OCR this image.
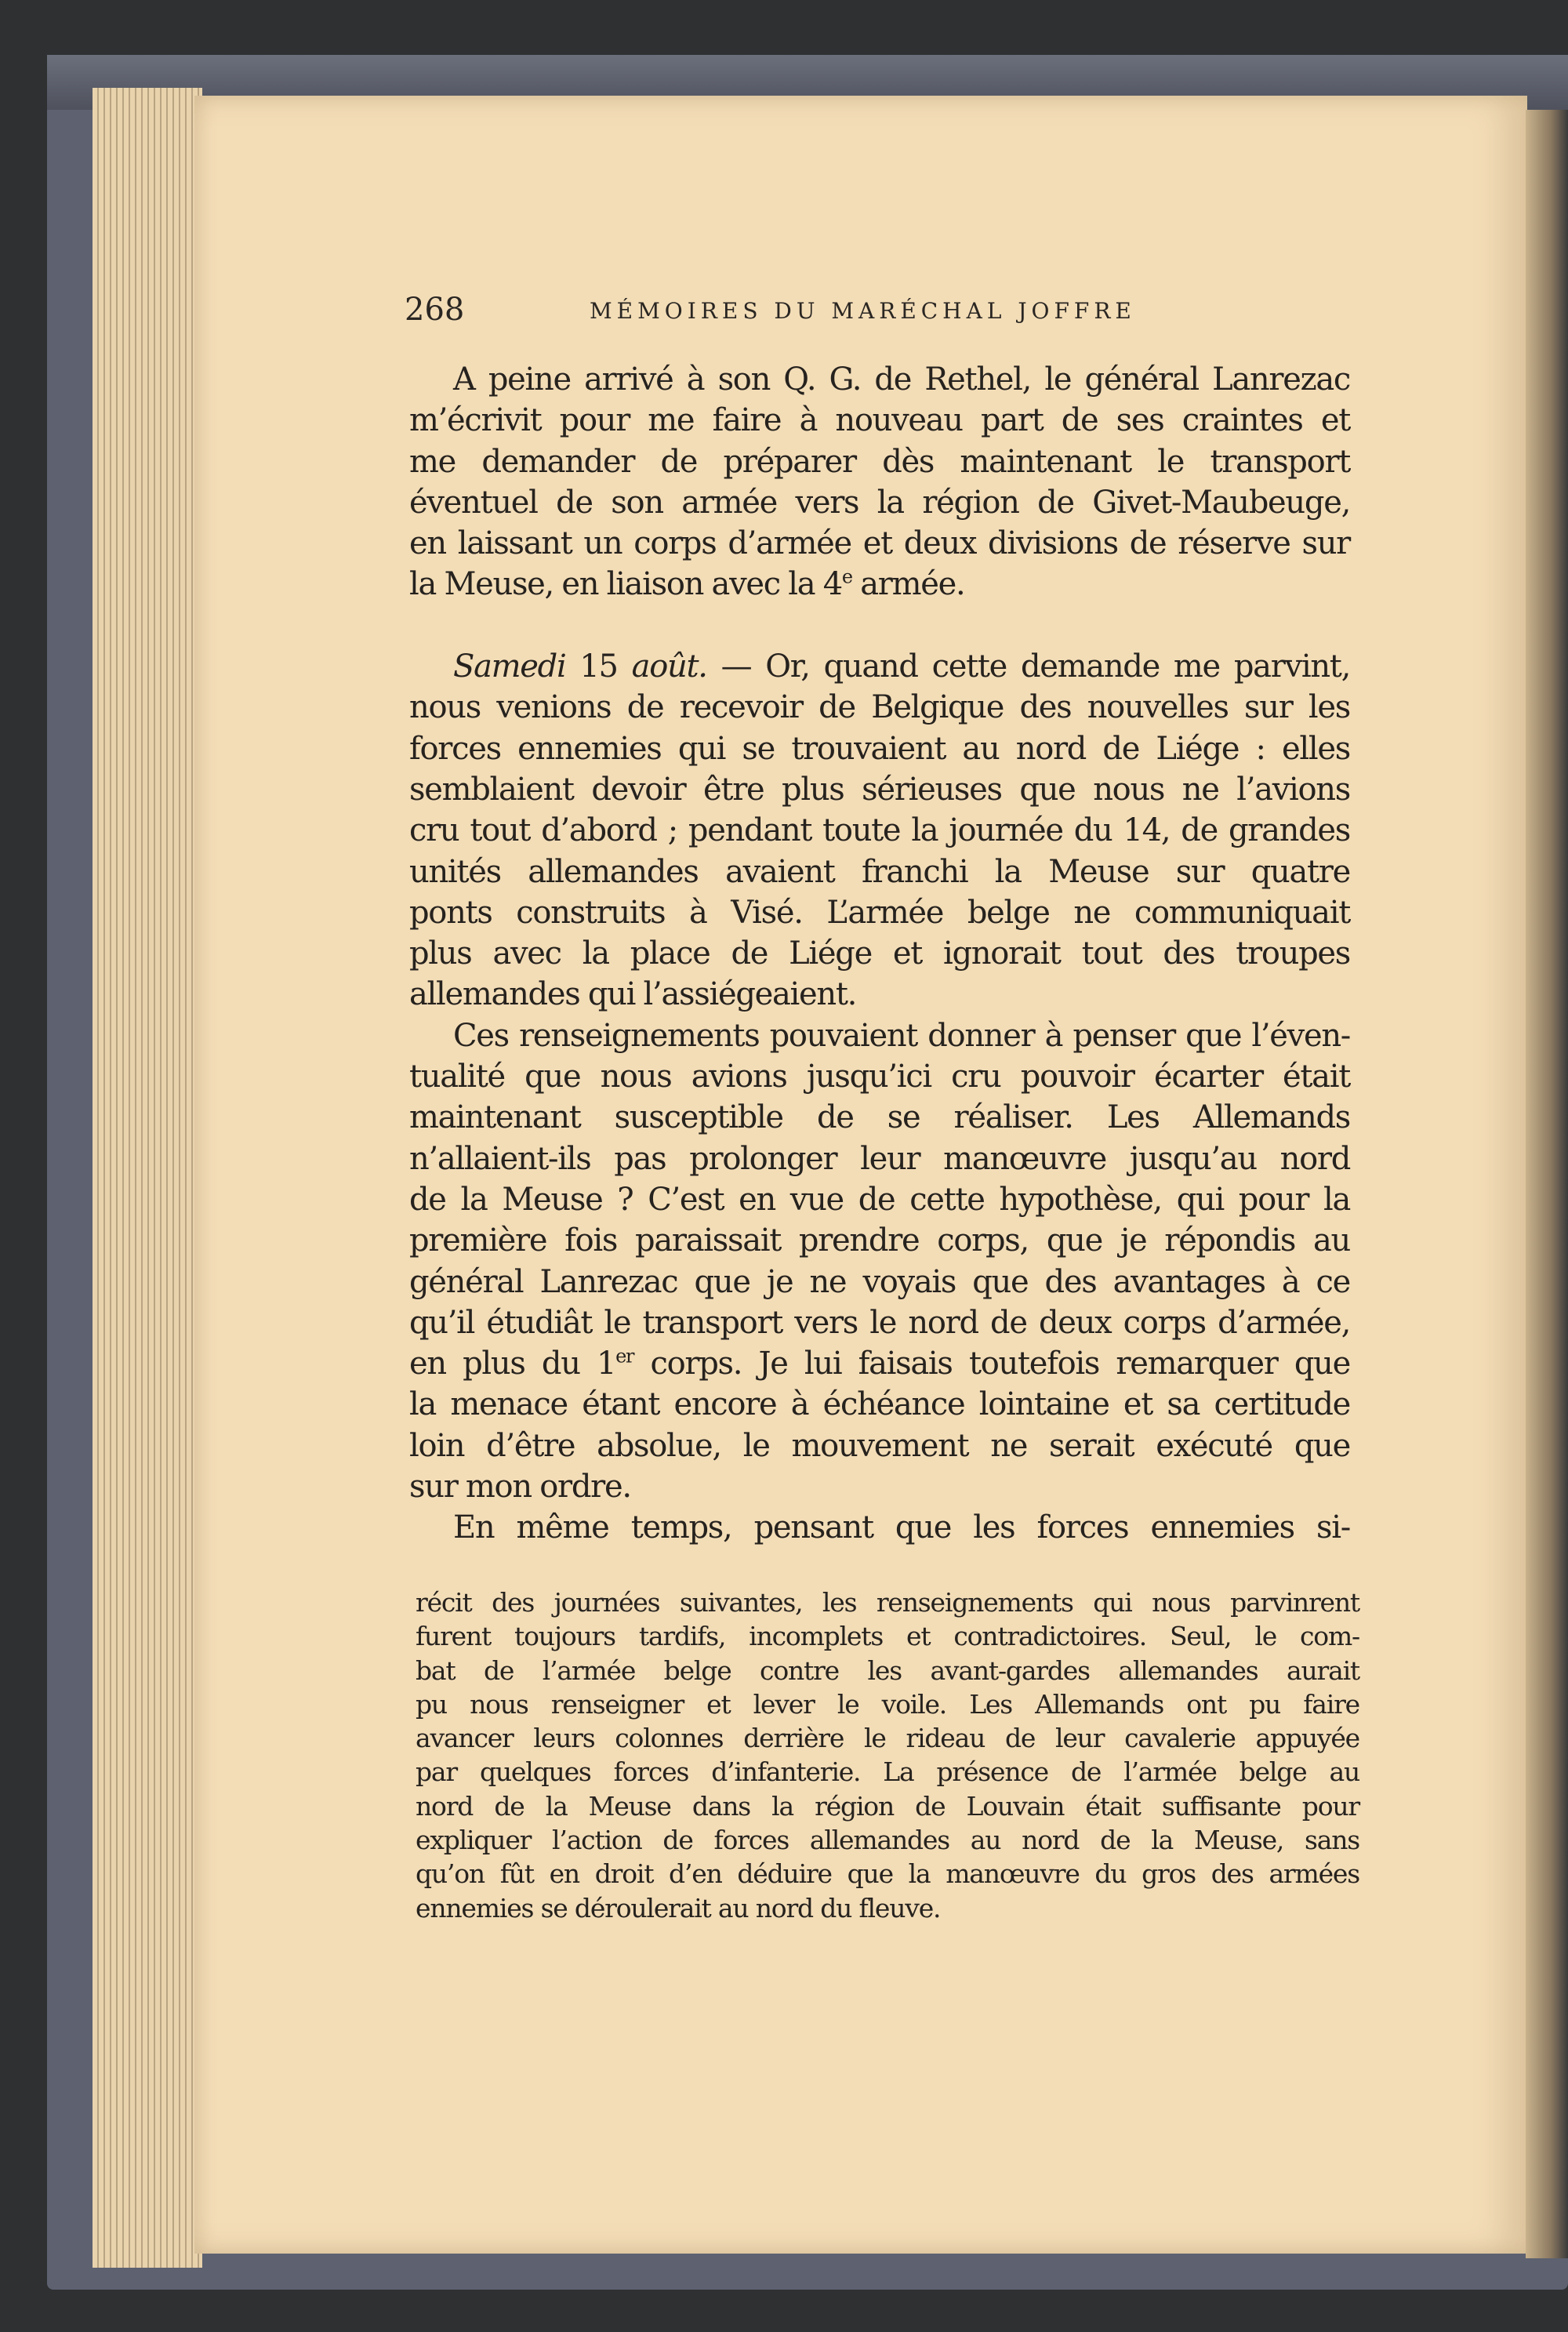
268	MÉMOIRES DU MARÉCHAL JOFFRE
A peine arrivé à son Q. G. de Rethel, le général Lanrezac
m’écrivit pour me faire à nouveau part de ses craintes et
me demander de préparer dès maintenant le transport
éventuel de son armée vers la région de Givet-Maubeuge,
en laissant un corps d’armée et deux divisions de réserve sur
la Meuse, en liaison avec la 4e armée.
Samedi 15 août. — Or, quand cette demande me parvint,
nous venions de recevoir de Belgique des nouvelles sur les
forces ennemies qui se trouvaient au nord de Liége : elles
semblaient devoir être plus sérieuses que nous ne l’avions
cru tout d’abord ; pendant toute la journée du 14, de grandes
unités allemandes avaient franchi la Meuse sur quatre
ponts construits à Visé. L’armée belge ne communiquait
plus avec la place de Liége et ignorait tout des troupes
allemandes qui l’assiégeaient.
Ces renseignements pouvaient donner à penser que l’éven-
tualité que nous avions jusqu’ici cru pouvoir écarter était
maintenant susceptible de se réaliser. Les Allemands
n’allaient-ils pas prolonger leur manœuvre jusqu’au nord
de la Meuse ? C’est en vue de cette hypothèse, qui pour la
première fois paraissait prendre corps, que je répondis au
général Lanrezac que je ne voyais que des avantages à ce
qu’il étudiât le transport vers le nord de deux corps d’armée,
en plus du 1er corps. Je lui faisais toutefois remarquer que
la menace étant encore à échéance lointaine et sa certitude
loin d’être absolue, le mouvement ne serait exécuté que
sur mon ordre.
En même temps, pensant que les forces ennemies si-
récit des journées suivantes, les renseignements qui nous parvinrent
furent toujours tardifs, incomplets et contradictoires. Seul, le com-
bat de l’armée belge contre les avant-gardes allemandes aurait
pu nous renseigner et lever le voile. Les Allemands ont pu faire
avancer leurs colonnes derrière le rideau de leur cavalerie appuyée
par quelques forces d’infanterie. La présence de l’armée belge au
nord de la Meuse dans la région de Louvain était suffisante pour
expliquer l’action de forces allemandes au nord de la Meuse, sans
qu’on fût en droit d’en déduire que la manœuvre du gros des armées
ennemies se déroulerait au nord du fleuve.
